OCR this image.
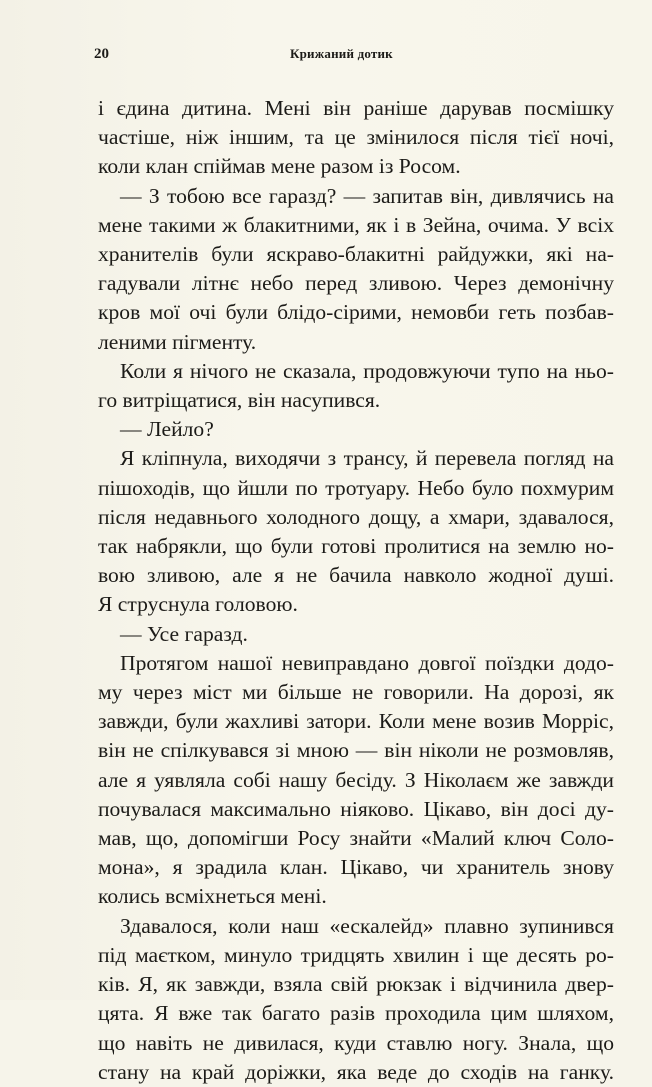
20	Крижаний дотик
і єдина дитина. Мені він раніше дарував посмішку
частіше, ніж іншим, та це змінилося після тієї ночі,
коли клан спіймав мене разом із Росом.
— З тобою все гаразд? — запитав він, дивлячись на
мене такими ж блакитними, як і в Зейна, очима. У всіх
хранителів були яскраво-блакитні райдужки, які на-
гадували літнє небо перед зливою. Через демонічну
кров мої очі були блідо-сірими, немовби геть позбав-
леними пігменту.
Коли я нічого не сказала, продовжуючи тупо на ньо-
го витріщатися, він насупився.
— Лейло?
Я кліпнула, виходячи з трансу, й перевела погляд на
пішоходів, що йшли по тротуару. Небо було похмурим
після недавнього холодного дощу, а хмари, здавалося,
так набрякли, що були готові пролитися на землю но-
вою зливою, але я не бачила навколо жодної душі.
Я струснула головою.
— Усе гаразд.
Протягом нашої невиправдано довгої поїздки додо-
му через міст ми більше не говорили. На дорозі, як
завжди, були жахливі затори. Коли мене возив Морріс,
він не спілкувався зі мною — він ніколи не розмовляв,
але я уявляла собі нашу бесіду. З Ніколаєм же завжди
почувалася максимально ніяково. Цікаво, він досі ду-
мав, що, допомігши Росу знайти «Малий ключ Соло-
мона», я зрадила клан. Цікаво, чи хранитель знову
колись всміхнеться мені.
Здавалося, коли наш «ескалейд» плавно зупинився
під маєтком, минуло тридцять хвилин і ще десять ро-
ків. Я, як завжди, взяла свій рюкзак і відчинила двер-
цята. Я вже так багато разів проходила цим шляхом,
що навіть не дивилася, куди ставлю ногу. Знала, що
стану на край доріжки, яка веде до сходів на ганку.
